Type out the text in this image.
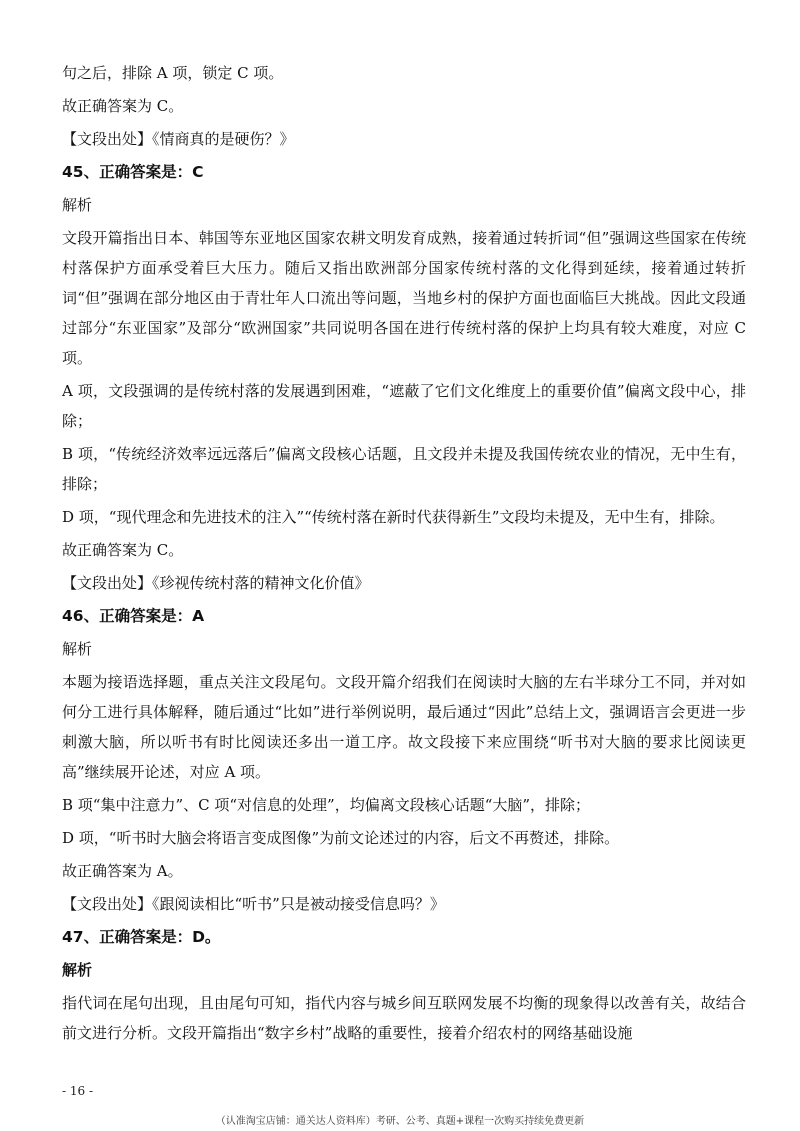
句之后，排除 A 项，锁定 C 项。

故正确答案为 C。

【文段出处】《情商真的是硬伤？》

45、正确答案是：C

解析

文段开篇指出日本、韩国等东亚地区国家农耕文明发育成熟，接着通过转折词“但”强调这些国家在传统村落保护方面承受着巨大压力。随后又指出欧洲部分国家传统村落的文化得到延续，接着通过转折词“但”强调在部分地区由于青壮年人口流出等问题，当地乡村的保护方面也面临巨大挑战。因此文段通过部分“东亚国家”及部分“欧洲国家”共同说明各国在进行传统村落的保护上均具有较大难度，对应 C 项。

A 项，文段强调的是传统村落的发展遇到困难，“遮蔽了它们文化维度上的重要价值”偏离文段中心，排除；

B 项，“传统经济效率远远落后”偏离文段核心话题，且文段并未提及我国传统农业的情况，无中生有，排除；

D 项，“现代理念和先进技术的注入”“传统村落在新时代获得新生”文段均未提及，无中生有，排除。

故正确答案为 C。

【文段出处】《珍视传统村落的精神文化价值》

46、正确答案是：A

解析

本题为接语选择题，重点关注文段尾句。文段开篇介绍我们在阅读时大脑的左右半球分工不同，并对如何分工进行具体解释，随后通过“比如”进行举例说明，最后通过“因此”总结上文，强调语言会更进一步刺激大脑，所以听书有时比阅读还多出一道工序。故文段接下来应围绕“听书对大脑的要求比阅读更高”继续展开论述，对应 A 项。

B 项“集中注意力”、C 项“对信息的处理”，均偏离文段核心话题“大脑”，排除；

D 项，“听书时大脑会将语言变成图像”为前文论述过的内容，后文不再赘述，排除。

故正确答案为 A。

【文段出处】《跟阅读相比“听书”只是被动接受信息吗？》

47、正确答案是：D。

解析

指代词在尾句出现，且由尾句可知，指代内容与城乡间互联网发展不均衡的现象得以改善有关，故结合前文进行分析。文段开篇指出“数字乡村”战略的重要性，接着介绍农村的网络基础设施

- 16 -
（认准淘宝店铺：通关达人资料库）考研、公考、真题+课程一次购买持续免费更新
